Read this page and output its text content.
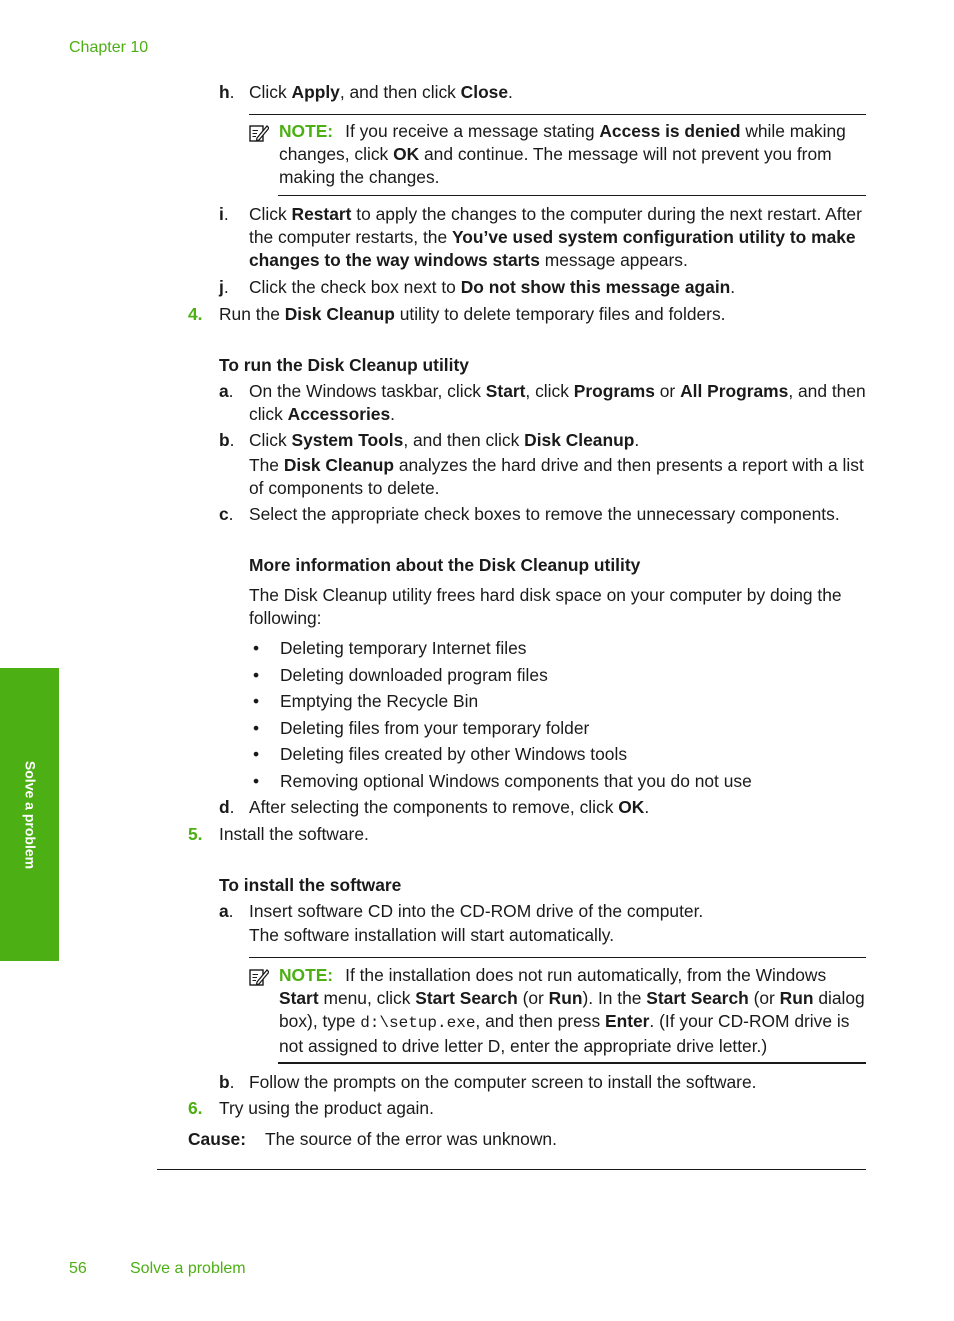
Chapter 10
h. Click Apply, and then click Close.
NOTE: If you receive a message stating Access is denied while making changes, click OK and continue. The message will not prevent you from making the changes.
i. Click Restart to apply the changes to the computer during the next restart. After the computer restarts, the You’ve used system configuration utility to make changes to the way windows starts message appears.
j. Click the check box next to Do not show this message again.
4. Run the Disk Cleanup utility to delete temporary files and folders.
To run the Disk Cleanup utility
a. On the Windows taskbar, click Start, click Programs or All Programs, and then click Accessories.
b. Click System Tools, and then click Disk Cleanup.
The Disk Cleanup analyzes the hard drive and then presents a report with a list of components to delete.
c. Select the appropriate check boxes to remove the unnecessary components.
More information about the Disk Cleanup utility
The Disk Cleanup utility frees hard disk space on your computer by doing the following:
• Deleting temporary Internet files
• Deleting downloaded program files
• Emptying the Recycle Bin
• Deleting files from your temporary folder
• Deleting files created by other Windows tools
• Removing optional Windows components that you do not use
d. After selecting the components to remove, click OK.
5. Install the software.
To install the software
a. Insert software CD into the CD-ROM drive of the computer.
The software installation will start automatically.
NOTE: If the installation does not run automatically, from the Windows Start menu, click Start Search (or Run). In the Start Search (or Run dialog box), type d:\setup.exe, and then press Enter. (If your CD-ROM drive is not assigned to drive letter D, enter the appropriate drive letter.)
b. Follow the prompts on the computer screen to install the software.
6. Try using the product again.
Cause: The source of the error was unknown.
Solve a problem
56	Solve a problem
